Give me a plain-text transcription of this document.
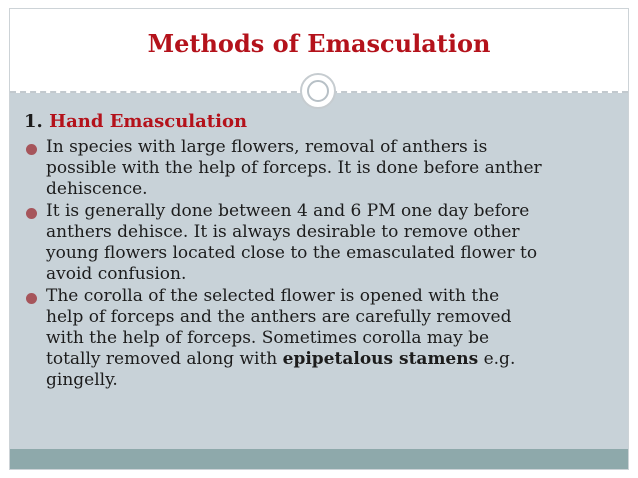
Methods of Emasculation
1. Hand Emasculation
In species with large flowers, removal of anthers is
possible with the help of forceps. It is done before anther
dehiscence.
It is generally done between 4 and 6 PM one day before
anthers dehisce. It is always desirable to remove other
young flowers located close to the emasculated flower to
avoid confusion.
The corolla of the selected flower is opened with the
help of forceps and the anthers are carefully removed
with the help of forceps. Sometimes corolla may be
totally removed along with epipetalous stamens e.g.
gingelly.
